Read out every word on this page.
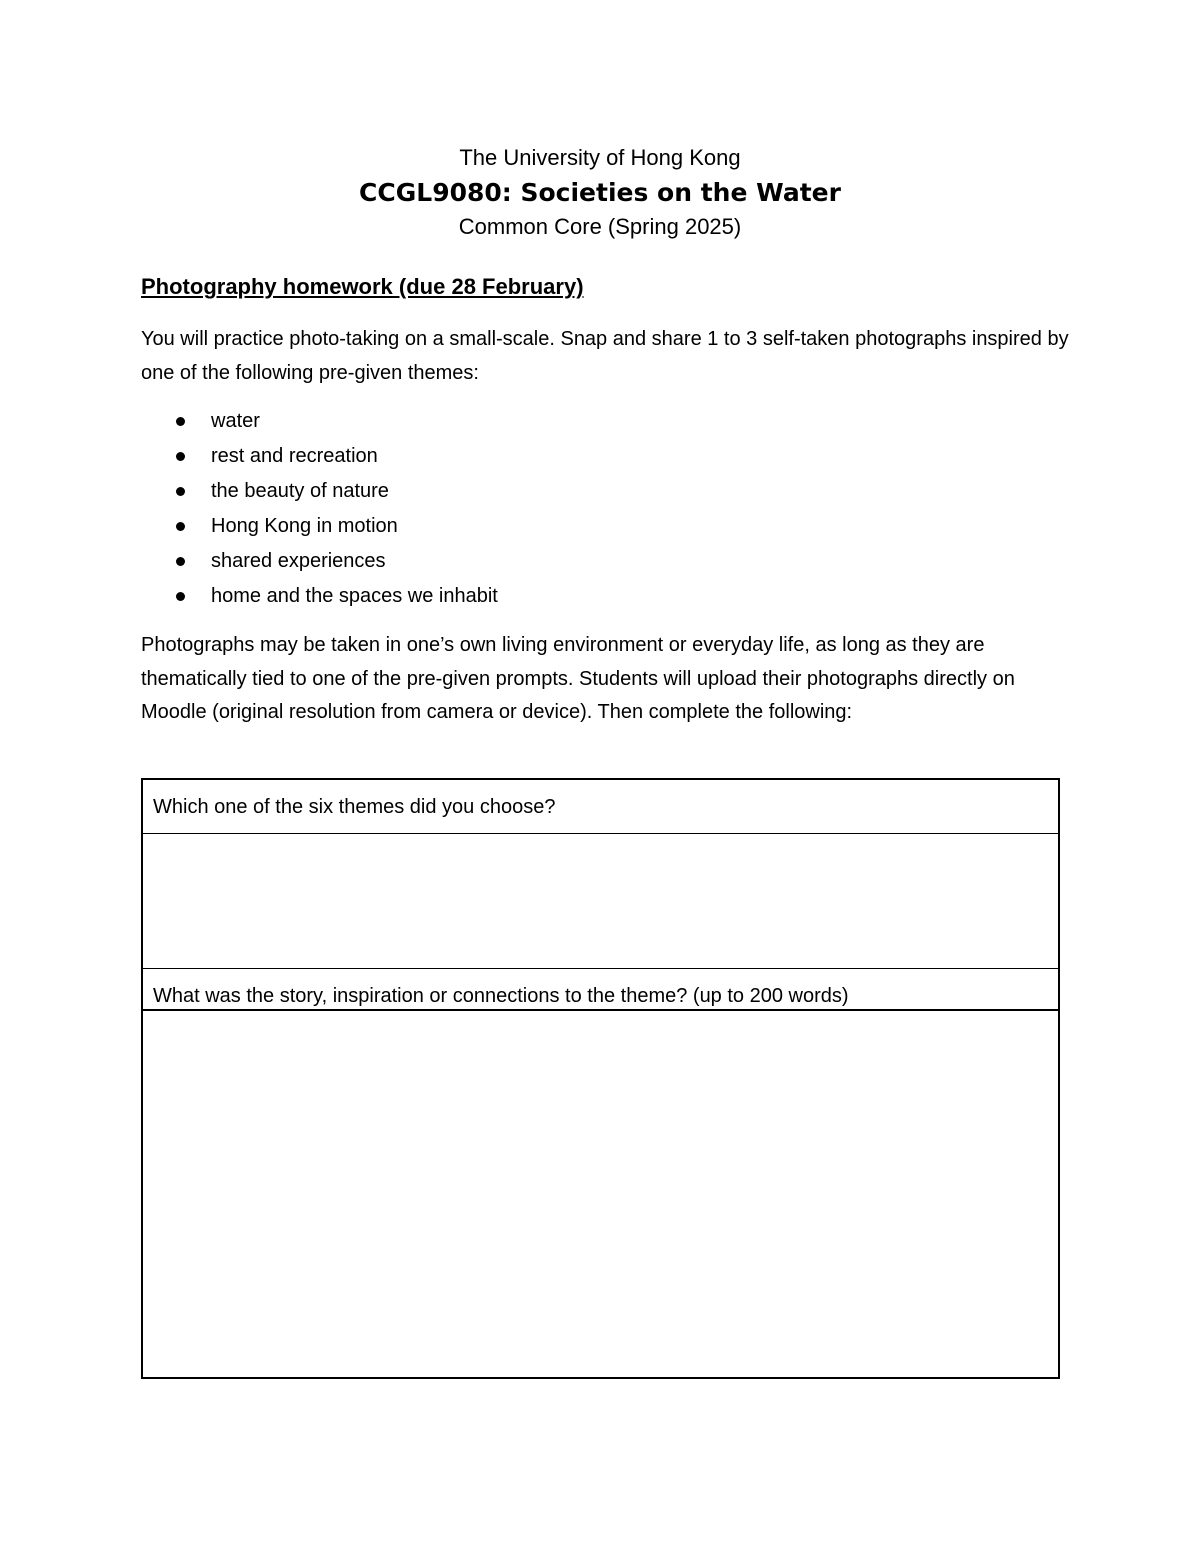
The University of Hong Kong
CCGL9080: Societies on the Water
Common Core (Spring 2025)
Photography homework (due 28 February)

You will practice photo-taking on a small-scale. Snap and share 1 to 3 self-taken photographs inspired by one of the following pre-given themes:

water
rest and recreation
the beauty of nature
Hong Kong in motion
shared experiences
home and the spaces we inhabit

Photographs may be taken in one’s own living environment or everyday life, as long as they are thematically tied to one of the pre-given prompts. Students will upload their photographs directly on Moodle (original resolution from camera or device). Then complete the following:

Which one of the six themes did you choose?
What was the story, inspiration or connections to the theme? (up to 200 words)
